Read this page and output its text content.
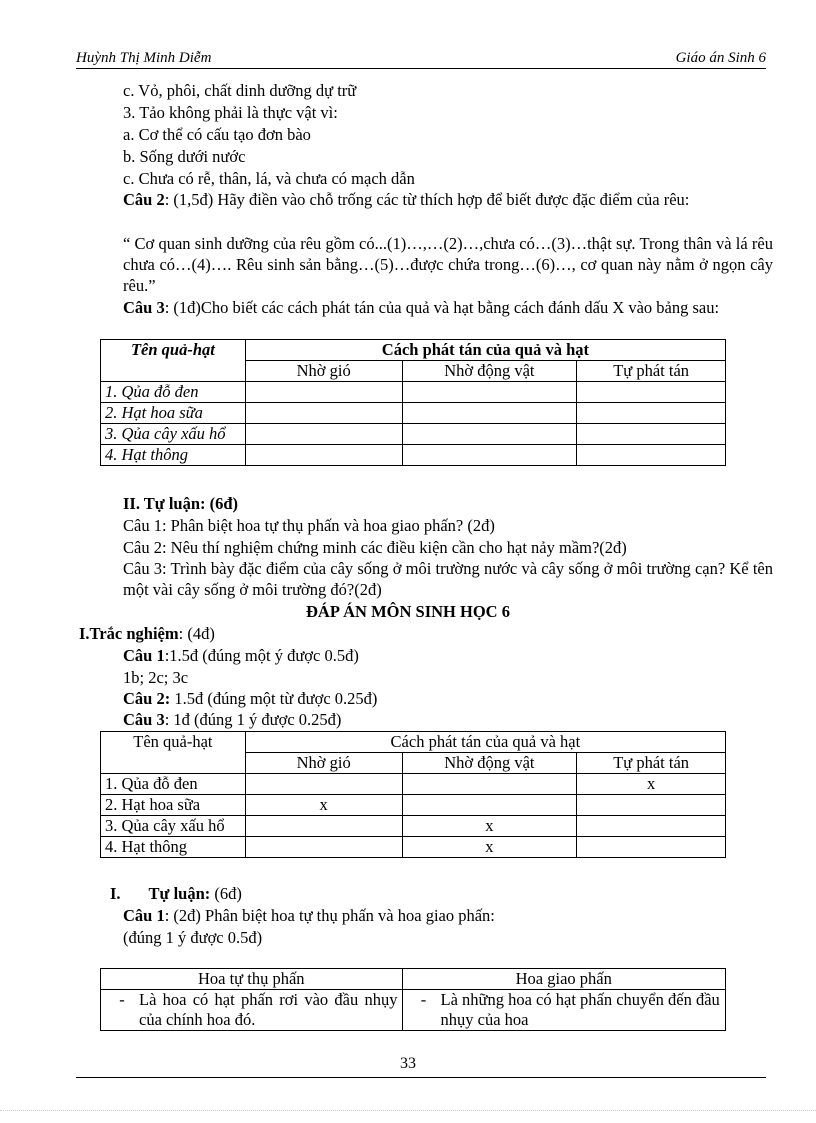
Huỳnh Thị Minh Diễm	Giáo án Sinh 6
c. Vỏ, phôi, chất dinh dưỡng dự trữ
3. Tảo không phải là thực vật vì:
a. Cơ thể có cấu tạo đơn bào
b. Sống dưới nước
c. Chưa có rễ, thân, lá, và chưa có mạch dẫn
Câu 2: (1,5đ) Hãy điền vào chỗ trống các từ thích hợp để biết được đặc điểm của rêu:
“ Cơ quan sinh dưỡng của rêu gồm có...(1)…,…(2)…,chưa có…(3)…thật sự. Trong thân và lá rêu chưa có…(4)…. Rêu sinh sản bằng…(5)…được chứa trong…(6)…, cơ quan này nằm ở ngọn cây rêu.”
Câu 3: (1đ)Cho biết các cách phát tán của quả và hạt bằng cách đánh dấu X vào bảng sau:
Tên quả-hạt	Cách phát tán của quả và hạt		
	Nhờ gió	Nhờ động vật	Tự phát tán
1. Qủa đỗ đen			
2. Hạt hoa sữa			
3. Qủa cây xấu hổ			
4. Hạt thông			
II. Tự luận: (6đ)
Câu 1: Phân biệt hoa tự thụ phấn và hoa giao phấn? (2đ)
Câu 2: Nêu thí nghiệm chứng minh các điều kiện cần cho hạt nảy mầm?(2đ)
Câu 3: Trình bày đặc điểm của cây sống ở môi trường nước và cây sống ở môi trường cạn? Kể tên một vài cây sống ở môi trường đó?(2đ)
ĐÁP ÁN MÔN SINH HỌC 6
I.Trắc nghiệm: (4đ)
Câu 1:1.5đ (đúng một ý được 0.5đ)
1b; 2c; 3c
Câu 2: 1.5đ (đúng một từ được 0.25đ)
Câu 3: 1đ (đúng 1 ý được 0.25đ)
Tên quả-hạt	Cách phát tán của quả và hạt		
	Nhờ gió	Nhờ động vật	Tự phát tán
1. Qủa đỗ đen			x
2. Hạt hoa sữa	x		
3. Qủa cây xấu hổ		x	
4. Hạt thông		x	
I. Tự luận: (6đ)
Câu 1: (2đ) Phân biệt hoa tự thụ phấn và hoa giao phấn:
(đúng 1 ý được 0.5đ)
Hoa tự thụ phấn	Hoa giao phấn

- Là hoa có hạt phấn rơi vào đầu nhụy của chính hoa đó.	- Là những hoa có hạt phấn chuyển đến đầu nhụy của hoa
33
